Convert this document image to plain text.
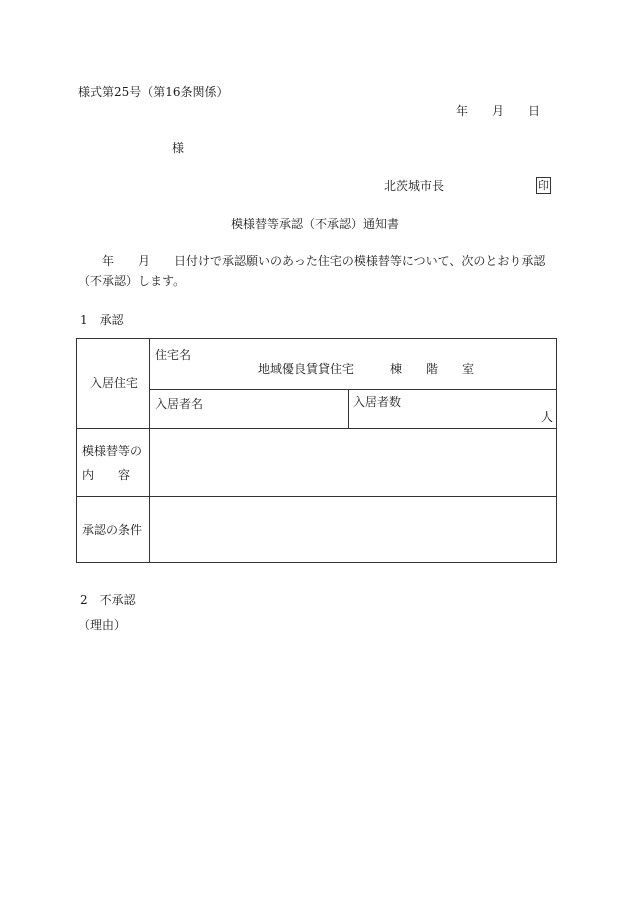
様式第25号（第16条関係）
年　　月　　日
様
北茨城市長	印
模様替等承認（不承認）通知書
　　年　　月　　日付けで承認願いのあった住宅の模様替等について、次のとおり承認
（不承認）します。
1　承認
入居住宅
住宅名
地域優良賃貸住宅　　　棟　　階　　室
入居者名	入居者数
人
模様替等の
内　　容
承認の条件
2　不承認
（理由）
